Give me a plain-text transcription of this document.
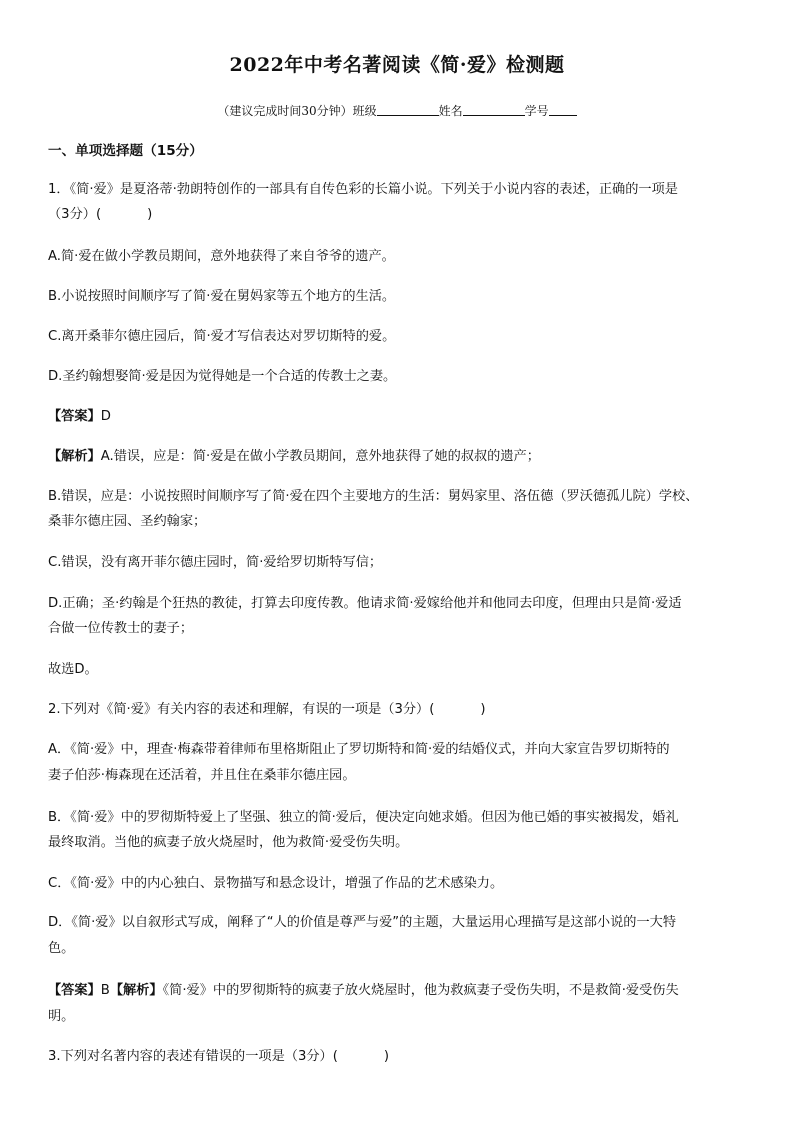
2022年中考名著阅读《简·爱》检测题
（建议完成时间30分钟）班级	姓名	学号
一、单项选择题（15分）
1．《简·爱》是夏洛蒂·勃朗特创作的一部具有自传色彩的长篇小说。下列关于小说内容的表述，正确的一项是
（3分）(	)
A.简·爱在做小学教员期间，意外地获得了来自爷爷的遗产。
B.小说按照时间顺序写了简·爱在舅妈家等五个地方的生活。
C.离开桑菲尔德庄园后，简·爱才写信表达对罗切斯特的爱。
D.圣约翰想娶简·爱是因为觉得她是一个合适的传教士之妻。
【答案】D
【解析】A.错误，应是：简·爱是在做小学教员期间，意外地获得了她的叔叔的遗产；
B.错误，应是：小说按照时间顺序写了简·爱在四个主要地方的生活：舅妈家里、洛伍德（罗沃德孤儿院）学校、
桑菲尔德庄园、圣约翰家；
C.错误，没有离开菲尔德庄园时，简·爱给罗切斯特写信；
D.正确；圣·约翰是个狂热的教徒，打算去印度传教。他请求简·爱嫁给他并和他同去印度，但理由只是简·爱适
合做一位传教士的妻子；
故选D。
2.下列对《简·爱》有关内容的表述和理解，有误的一项是（3分）(	)
A．《简·爱》中，理查·梅森带着律师布里格斯阻止了罗切斯特和简·爱的结婚仪式，并向大家宣告罗切斯特的
妻子伯莎·梅森现在还活着，并且住在桑菲尔德庄园。
B．《简·爱》中的罗彻斯特爱上了坚强、独立的简·爱后，便决定向她求婚。但因为他已婚的事实被揭发，婚礼
最终取消。当他的疯妻子放火烧屋时，他为救简·爱受伤失明。
C．《简·爱》中的内心独白、景物描写和悬念设计，增强了作品的艺术感染力。
D．《简·爱》以自叙形式写成，阐释了“人的价值是尊严与爱”的主题，大量运用心理描写是这部小说的一大特
色。
【答案】B【解析】《简·爱》中的罗彻斯特的疯妻子放火烧屋时，他为救疯妻子受伤失明，不是救简·爱受伤失
明。
3.下列对名著内容的表述有错误的一项是（3分）(	)
